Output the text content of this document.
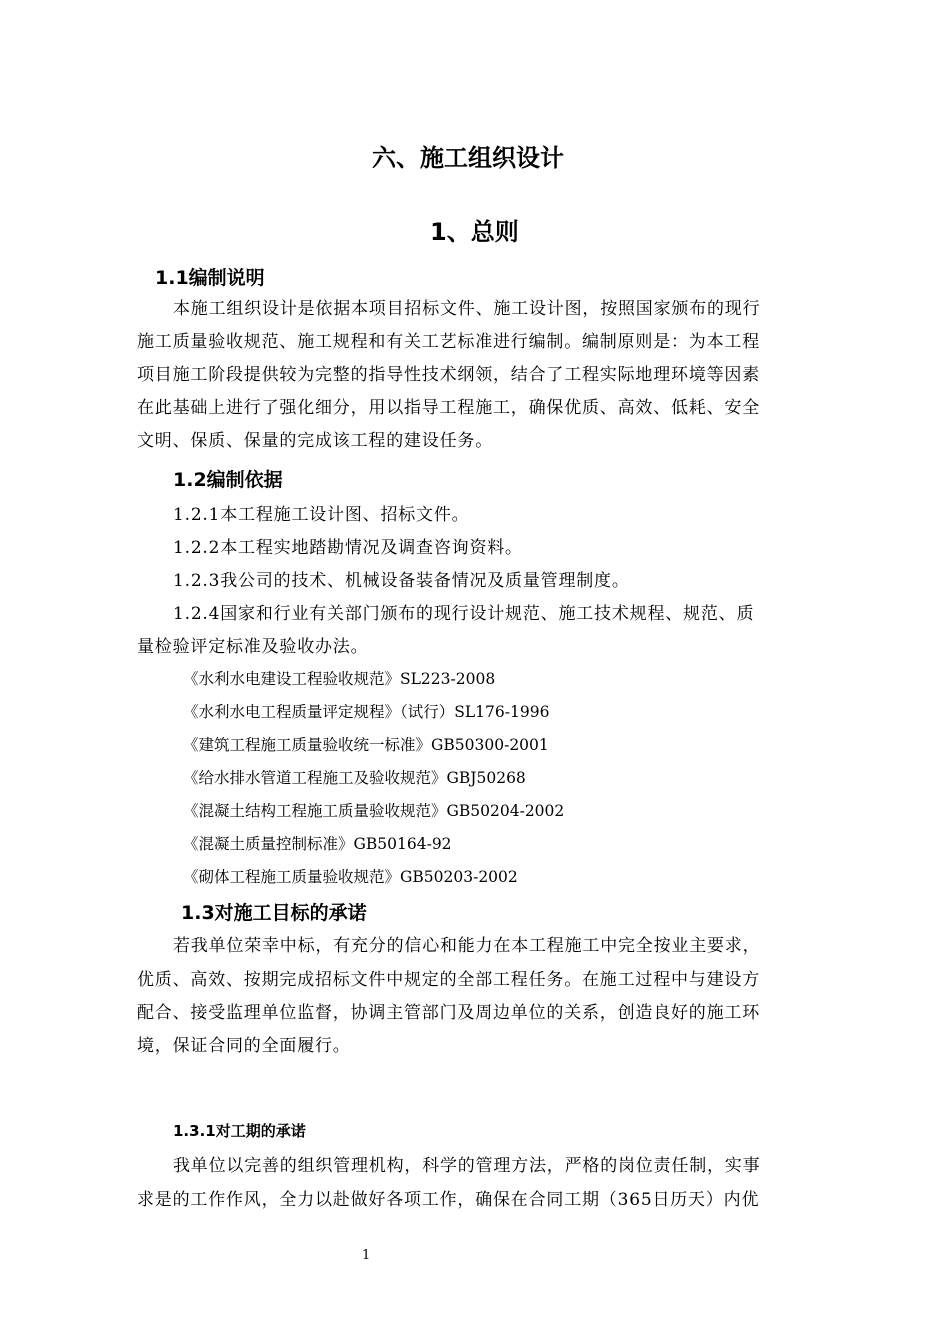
六、施工组织设计
1、总则
1.1编制说明
本施工组织设计是依据本项目招标文件、施工设计图，按照国家颁布的现行
施工质量验收规范、施工规程和有关工艺标准进行编制。编制原则是：为本工程
项目施工阶段提供较为完整的指导性技术纲领，结合了工程实际地理环境等因素
在此基础上进行了强化细分，用以指导工程施工，确保优质、高效、低耗、安全
文明、保质、保量的完成该工程的建设任务。
1.2编制依据
1.2.1本工程施工设计图、招标文件。
1.2.2本工程实地踏勘情况及调查咨询资料。
1.2.3我公司的技术、机械设备装备情况及质量管理制度。
1.2.4国家和行业有关部门颁布的现行设计规范、施工技术规程、规范、质
量检验评定标准及验收办法。
《水利水电建设工程验收规范》SL223-2008
《水利水电工程质量评定规程》（试行）SL176-1996
《建筑工程施工质量验收统一标准》GB50300-2001
《给水排水管道工程施工及验收规范》GBJ50268
《混凝土结构工程施工质量验收规范》GB50204-2002
《混凝土质量控制标准》GB50164-92
《砌体工程施工质量验收规范》GB50203-2002
1.3对施工目标的承诺
若我单位荣幸中标，有充分的信心和能力在本工程施工中完全按业主要求，
优质、高效、按期完成招标文件中规定的全部工程任务。在施工过程中与建设方
配合、接受监理单位监督，协调主管部门及周边单位的关系，创造良好的施工环
境，保证合同的全面履行。
1.3.1对工期的承诺
我单位以完善的组织管理机构，科学的管理方法，严格的岗位责任制，实事
求是的工作作风，全力以赴做好各项工作，确保在合同工期（365日历天）内优
1
